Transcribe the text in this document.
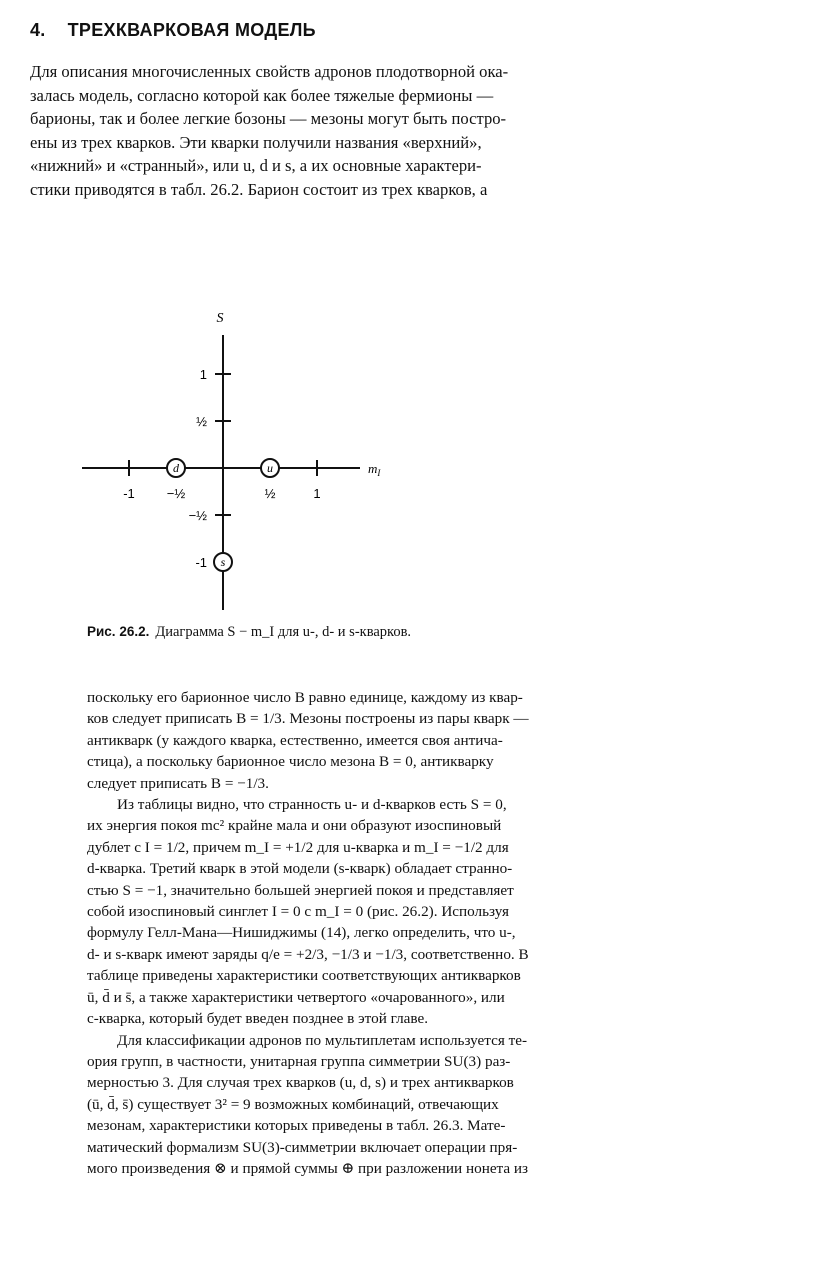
4. ТРЕХКВАРКОВАЯ МОДЕЛЬ
Для описания многочисленных свойств адронов плодотворной ока-
залась модель, согласно которой как более тяжелые фермионы —
барионы, так и более легкие бозоны — мезоны могут быть постро-
ены из трех кварков. Эти кварки получили названия «верхний»,
«нижний» и «странный», или u, d и s, а их основные характери-
стики приводятся в табл. 26.2. Барион состоит из трех кварков, а
S
$m_I$
-1 −½	½	1
1
½
−½
-1
d	u
s
Рис. 26.2. Диаграмма S − m_I для u-, d- и s-кварков.
поскольку его барионное число B равно единице, каждому из квар-
ков следует приписать B = 1/3. Мезоны построены из пары кварк —
антикварк (у каждого кварка, естественно, имеется своя антича-
стица), а поскольку барионное число мезона B = 0, антикварку
следует приписать B = −1/3.
Из таблицы видно, что странность u- и d-кварков есть S = 0,
их энергия покоя mc² крайне мала и они образуют изоспиновый
дублет с I = 1/2, причем m_I = +1/2 для u-кварка и m_I = −1/2 для
d-кварка. Третий кварк в этой модели (s-кварк) обладает странно-
стью S = −1, значительно большей энергией покоя и представляет
собой изоспиновый синглет I = 0 с m_I = 0 (рис. 26.2). Используя
формулу Гелл-Мана—Нишиджимы (14), легко определить, что u-,
d- и s-кварк имеют заряды q/e = +2/3, −1/3 и −1/3, соответственно. В
таблице приведены характеристики соответствующих антикварков
ū, d̄ и s̄, а также характеристики четвертого «очарованного», или
c-кварка, который будет введен позднее в этой главе.
Для классификации адронов по мультиплетам используется те-
ория групп, в частности, унитарная группа симметрии SU(3) раз-
мерностью 3. Для случая трех кварков (u, d, s) и трех антикварков
(ū, d̄, s̄) существует 3² = 9 возможных комбинаций, отвечающих
мезонам, характеристики которых приведены в табл. 26.3. Мате-
матический формализм SU(3)-симметрии включает операции пря-
мого произведения ⊗ и прямой суммы ⊕ при разложении нонета из
